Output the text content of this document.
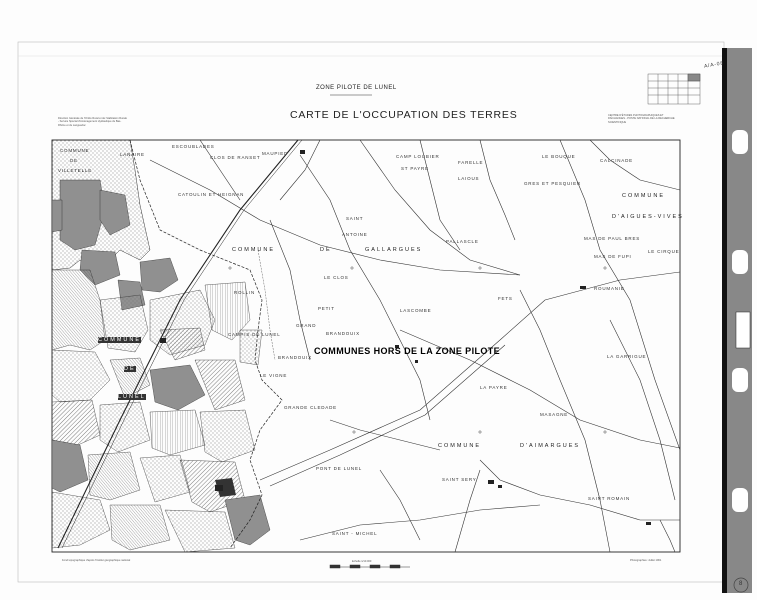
ZONE PILOTE DE LUNEL
CARTE DE L'OCCUPATION DES TERRES
Direction Générale de l'Ordre Rural et de l'Habitation Rurale - Service Spécial d'Aménagement Hydraulique du Bas-Rhône et du Languedoc
CENTRE D'ÉTUDES PHOTOGRAPHIQUES ET D'ÉCHANGES - POSTE NATIONAL DE LA RECHERCHE SCIENTIFIQUE
Fond topographique d'après l'Institut géographique national	Photographies: Juillet 1961
Echelle 1/10.000
COMMUNES HORS DE LA ZONE PILOTE
COMMUNE
DE
VILLETELLE
COMMUNE
DE
LUNEL
COMMUNE	DE	GALLARGUES
COMMUNE
D'AIGUES-VIVES
COMMUNE	D'AIMARGUES
LANAIRE
ESCOUBLADES
CLOS DE RANSET
MAUPIED
CATOULIN ET HEIGNAN
CAMP LOUBIER
FARELLE
LE BOUQUE
CALCINADE
ST PAYRE
LAIOUS
GRES ET PESQUIER
SAINT
ANTOINE
PALLASCLE
LE CLOS
LASCOMBE
ROLLIN
PETIT
GRAND
BRANDOUIX
BRANDOUIX
CAMPIS DE LUNEL
LE VIGNE
GRANDE CLEDADE
PONT DE LUNEL
SAINT SERY
SAINT ROMAIN
MASAGNE
LA GARRIGUE
LA PAYRE
SAINT - MICHEL
LE CIRQUE
MAS DE FUPI
MAS DE PAUL BRES
FETS
ROUMANIE
A/A-08
8
